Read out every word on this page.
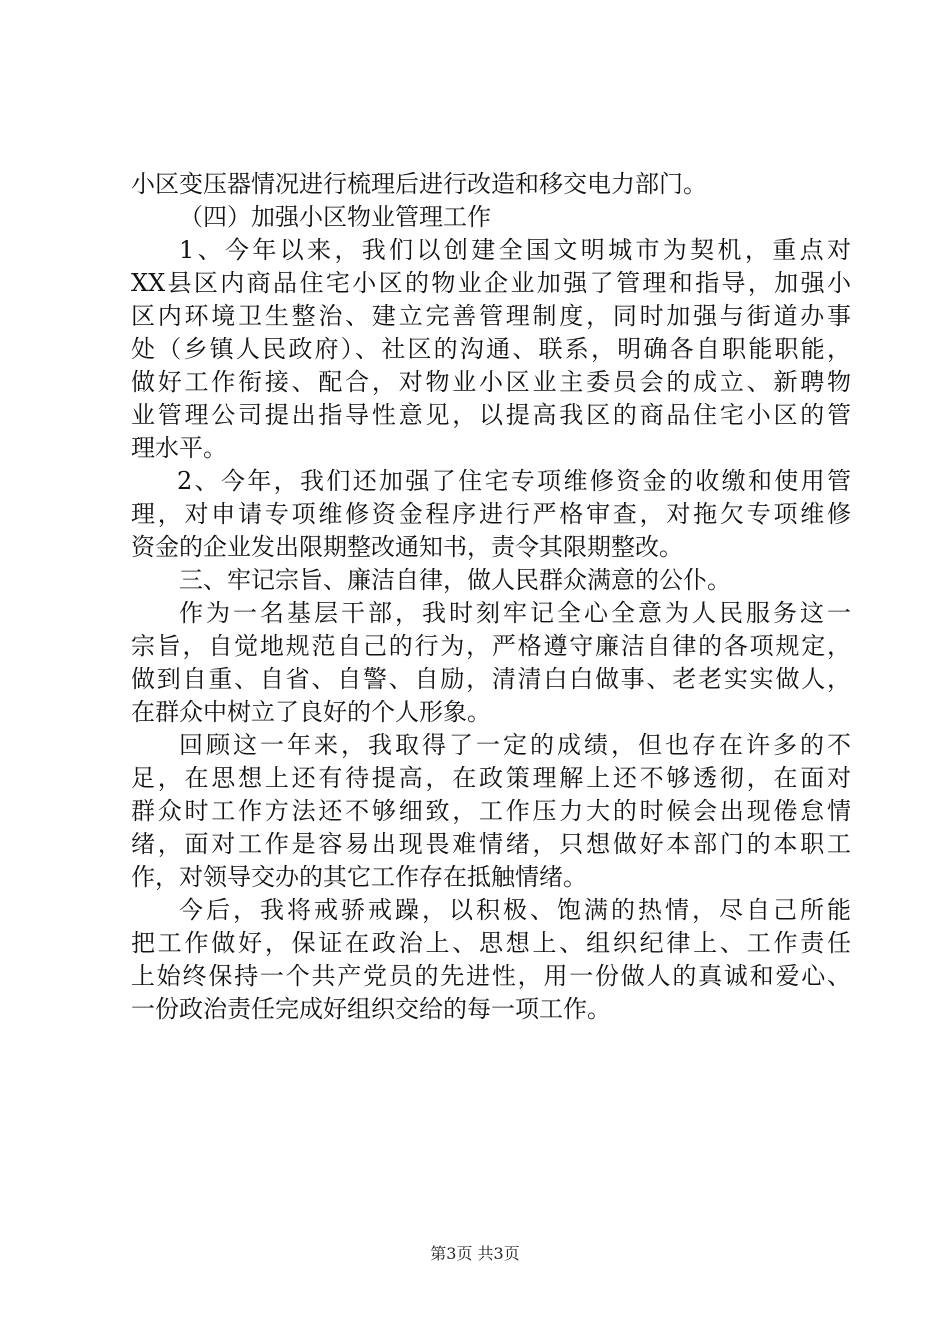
小区变压器情况进行梳理后进行改造和移交电力部门。
（四）加强小区物业管理工作
1、今年以来，我们以创建全国文明城市为契机，重点对
XX县区内商品住宅小区的物业企业加强了管理和指导，加强小
区内环境卫生整治、建立完善管理制度，同时加强与街道办事
处（乡镇人民政府）、社区的沟通、联系，明确各自职能职能，
做好工作衔接、配合，对物业小区业主委员会的成立、新聘物
业管理公司提出指导性意见，以提高我区的商品住宅小区的管
理水平。
2、今年，我们还加强了住宅专项维修资金的收缴和使用管
理，对申请专项维修资金程序进行严格审查，对拖欠专项维修
资金的企业发出限期整改通知书，责令其限期整改。
三、牢记宗旨、廉洁自律，做人民群众满意的公仆。
作为一名基层干部，我时刻牢记全心全意为人民服务这一
宗旨，自觉地规范自己的行为，严格遵守廉洁自律的各项规定，
做到自重、自省、自警、自励，清清白白做事、老老实实做人，
在群众中树立了良好的个人形象。
回顾这一年来，我取得了一定的成绩，但也存在许多的不
足，在思想上还有待提高，在政策理解上还不够透彻，在面对
群众时工作方法还不够细致，工作压力大的时候会出现倦怠情
绪，面对工作是容易出现畏难情绪，只想做好本部门的本职工
作，对领导交办的其它工作存在抵触情绪。
今后，我将戒骄戒躁，以积极、饱满的热情，尽自己所能
把工作做好，保证在政治上、思想上、组织纪律上、工作责任
上始终保持一个共产党员的先进性，用一份做人的真诚和爱心、
一份政治责任完成好组织交给的每一项工作。
第3页 共3页
